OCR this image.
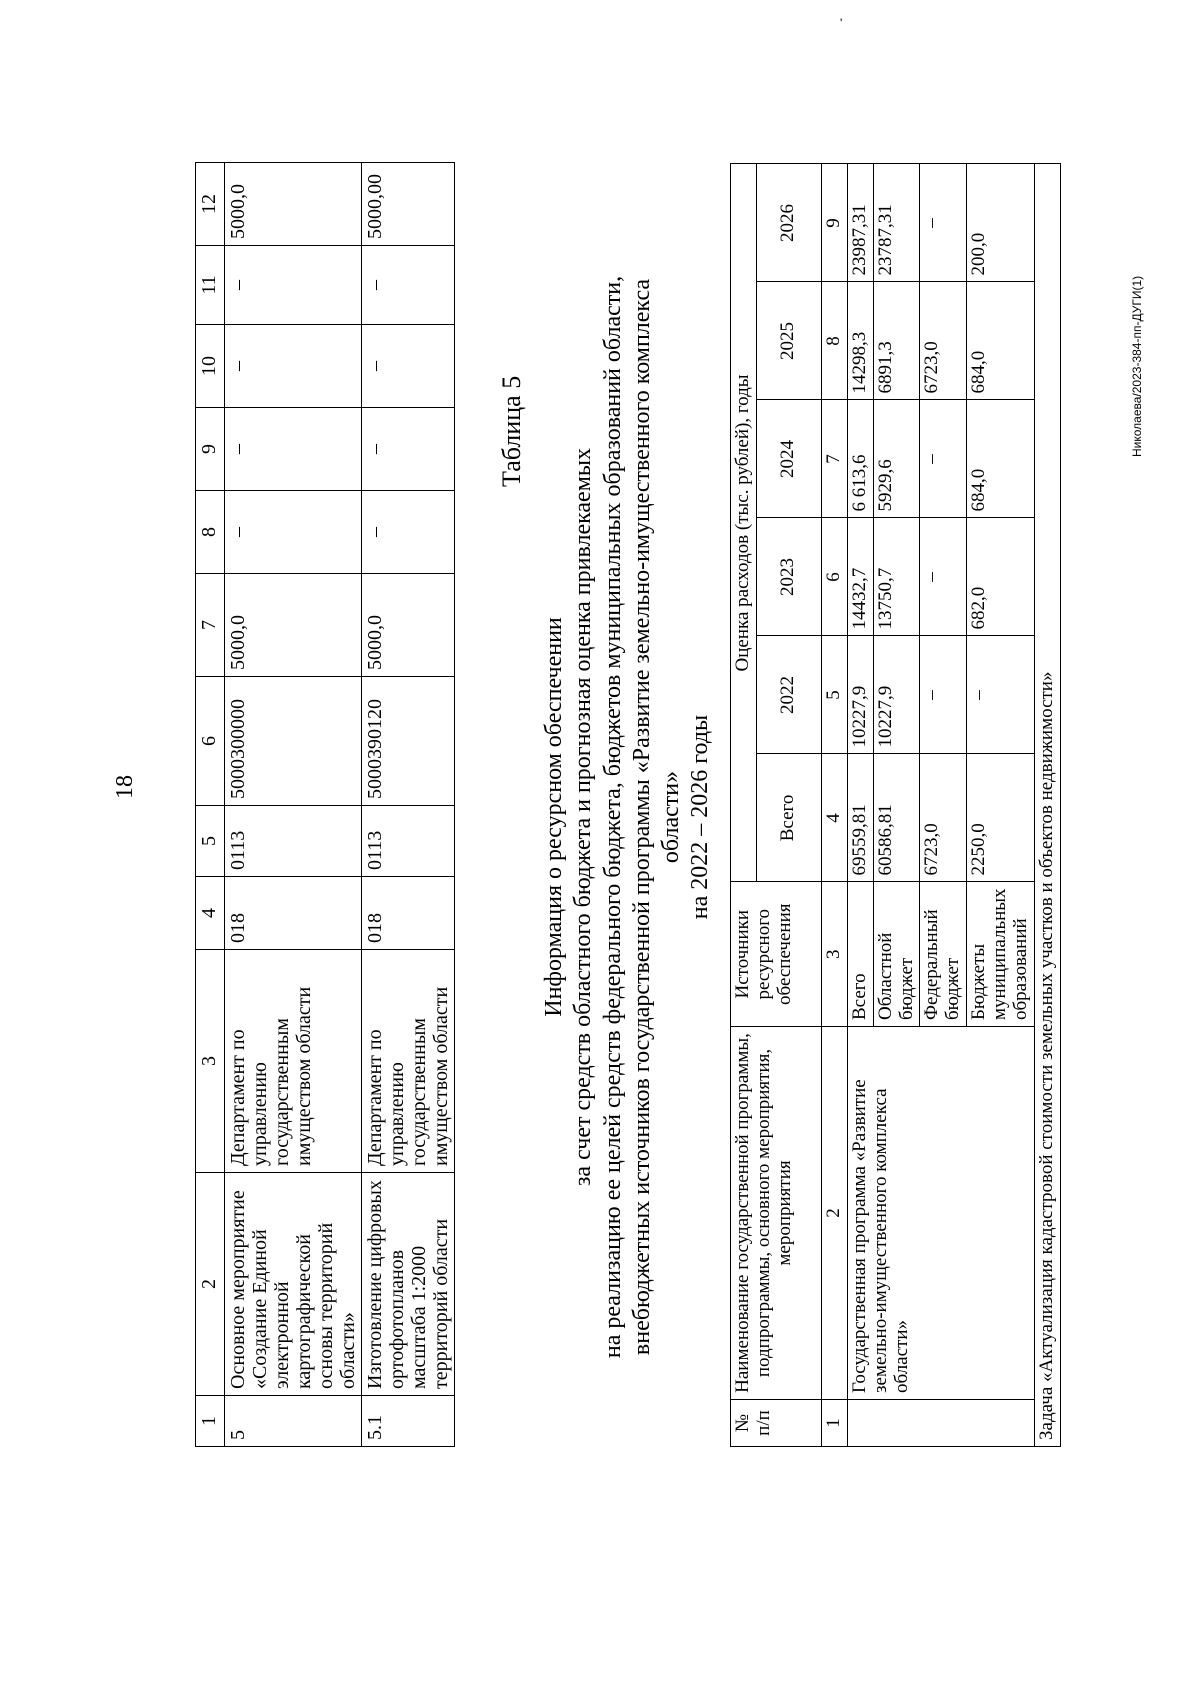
'
18
1	2	3	4	5	6	7	8	9	10	11	12
5	Основное мероприятие «Создание Единой электронной картографической основы территорий области»	Департамент по управлению государственным имуществом области	018	0113	5000300000	5000,0	–	–	–	–	5000,0
5.1	Изготовление цифровых ортофотопланов масштаба 1:2000 территорий области	Департамент по управлению государственным имуществом области	018	0113	5000390120	5000,0	–	–	–	–	5000,00
Таблица 5
Информация о ресурсном обеспечении за счет средств областного бюджета и прогнозная оценка привлекаемых на реализацию ее целей средств федерального бюджета, бюджетов муниципальных образований области, внебюджетных источников государственной программы «Развитие земельно-имущественного комплекса области» на 2022 – 2026 годы
№ п/п	Наименование государственной программы, подпрограммы, основного мероприятия, мероприятия	Источники ресурсного обеспечения	Оценка расходов (тыс. рублей), годы					
			Всего	2022	2023	2024	2025	2026
1	2	3	4	5	6	7	8	9
	Государственная программа «Развитие земельно-имущественного комплекса области»	Всего	69559,81	10227,9	14432,7	6 613,6	14298,3	23987,31
		Областной бюджет	60586,81	10227,9	13750,7	5929,6	6891,3	23787,31
		Федеральный бюджет	6723,0	–	–	–	6723,0	–
		Бюджеты муниципальных образований	2250,0	–	682,0	684,0	684,0	200,0
Задача «Актуализация кадастровой стоимости земельных участков и объектов недвижимости»								
Николаева/2023-384-пп-ДУГИ(1)
